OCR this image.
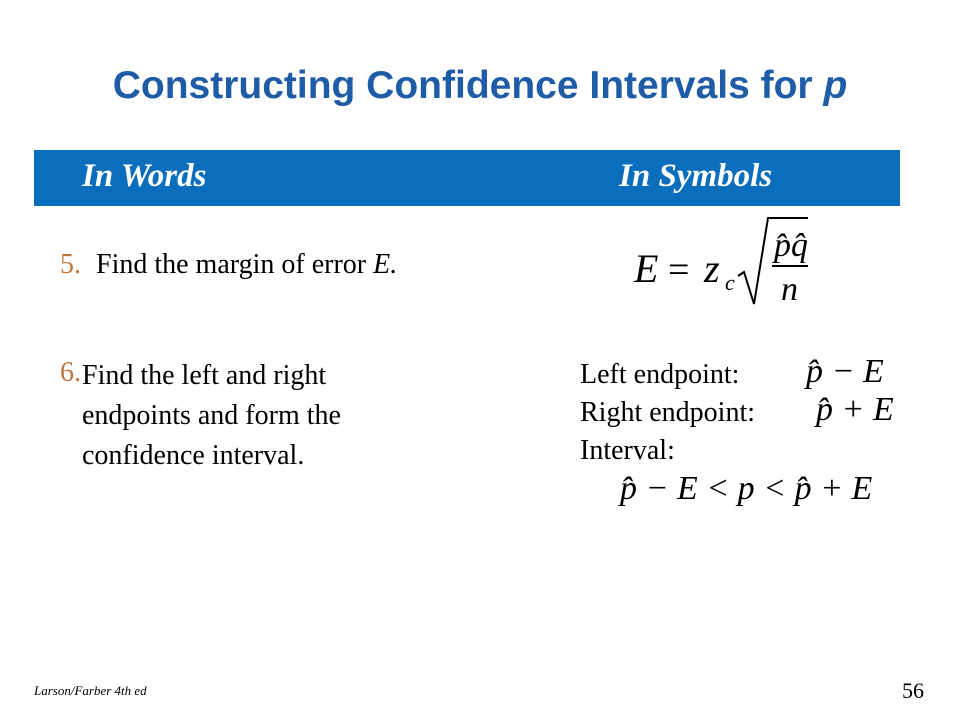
Constructing Confidence Intervals for p
In Words	In Symbols
5. Find the margin of error E.
6. Find the left and right
endpoints and form the
confidence interval.
E = z c
p̂q̂
n
Left endpoint:
Right endpoint:
Interval:
p̂ − E
p̂ + E
p̂ − E < p < p̂ + E
Larson/Farber 4th ed	56
